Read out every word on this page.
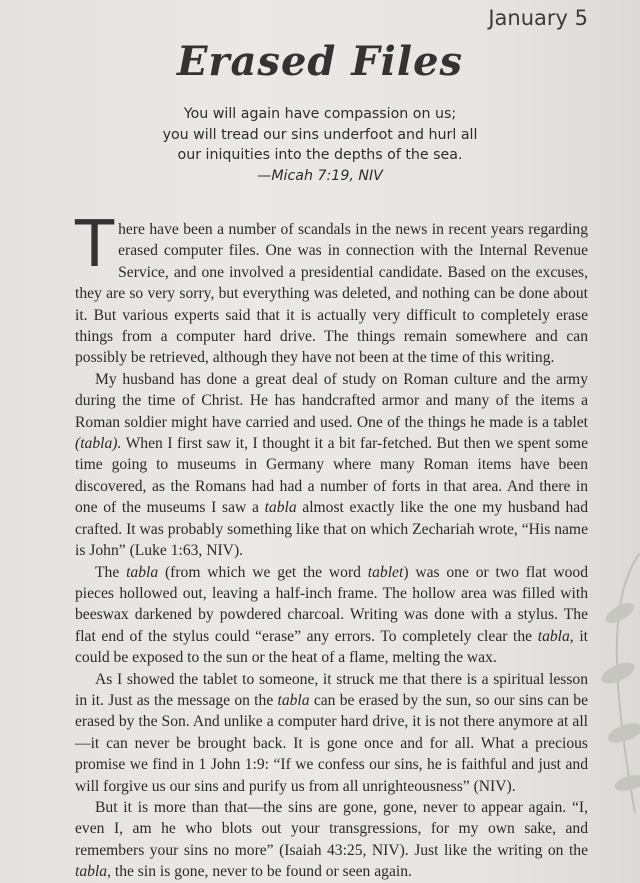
January 5
Erased Files
You will again have compassion on us;
you will tread our sins underfoot and hurl all
our iniquities into the depths of the sea.
—Micah 7:19, NIV

There have been a number of scandals in the news in recent years regarding erased computer files. One was in connection with the Internal Revenue Service, and one involved a presidential candidate. Based on the excuses, they are so very sorry, but everything was deleted, and nothing can be done about it. But various experts said that it is actually very difficult to completely erase things from a computer hard drive. The things remain somewhere and can possibly be retrieved, although they have not been at the time of this writing.

My husband has done a great deal of study on Roman culture and the army during the time of Christ. He has handcrafted armor and many of the items a Roman soldier might have carried and used. One of the things he made is a tablet (tabla). When I first saw it, I thought it a bit far-fetched. But then we spent some time going to museums in Germany where many Roman items have been discovered, as the Romans had had a number of forts in that area. And there in one of the museums I saw a tabla almost exactly like the one my husband had crafted. It was probably something like that on which Zechariah wrote, “His name is John” (Luke 1:63, NIV).

The tabla (from which we get the word tablet) was one or two flat wood pieces hollowed out, leaving a half-inch frame. The hollow area was filled with beeswax darkened by powdered charcoal. Writing was done with a stylus. The flat end of the stylus could “erase” any errors. To completely clear the tabla, it could be exposed to the sun or the heat of a flame, melting the wax.

As I showed the tablet to someone, it struck me that there is a spiritual lesson in it. Just as the message on the tabla can be erased by the sun, so our sins can be erased by the Son. And unlike a computer hard drive, it is not there anymore at all—it can never be brought back. It is gone once and for all. What a precious promise we find in 1 John 1:9: “If we confess our sins, he is faithful and just and will forgive us our sins and purify us from all unrighteousness” (NIV).

But it is more than that—the sins are gone, gone, never to appear again. “I, even I, am he who blots out your transgressions, for my own sake, and remembers your sins no more” (Isaiah 43:25, NIV). Just like the writing on the tabla, the sin is gone, never to be found or seen again.
